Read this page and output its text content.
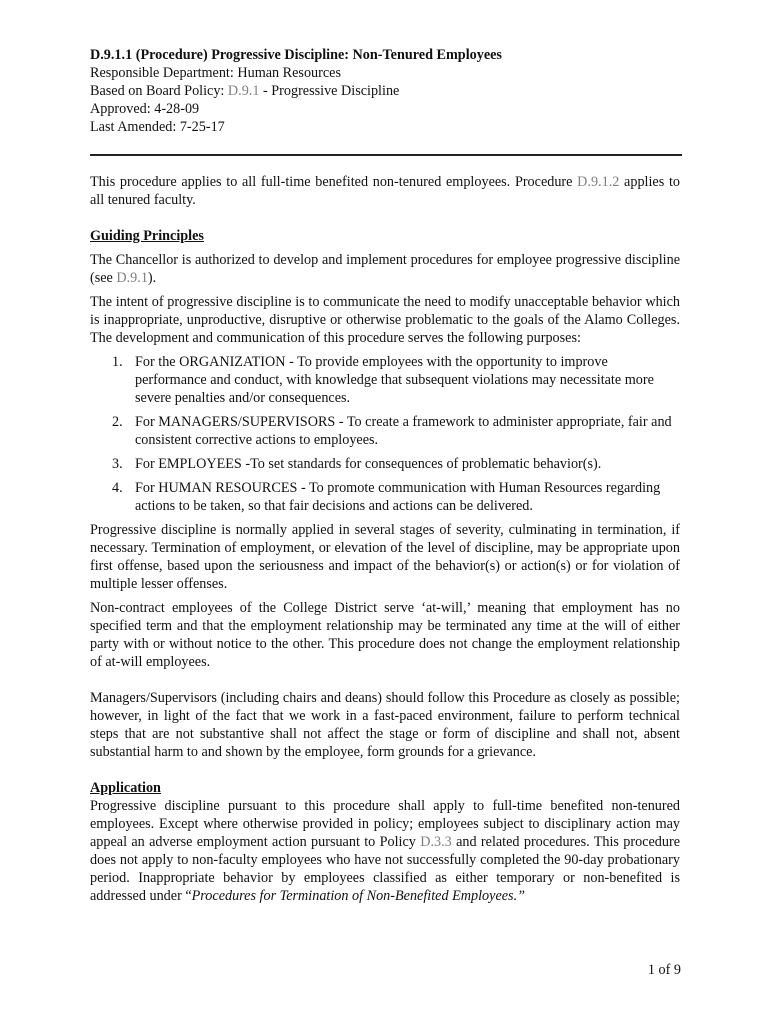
D.9.1.1 (Procedure) Progressive Discipline: Non-Tenured Employees
Responsible Department: Human Resources
Based on Board Policy: D.9.1 - Progressive Discipline
Approved: 4-28-09
Last Amended: 7-25-17

This procedure applies to all full-time benefited non-tenured employees. Procedure D.9.1.2 applies to all tenured faculty.

Guiding Principles

The Chancellor is authorized to develop and implement procedures for employee progressive discipline (see D.9.1).

The intent of progressive discipline is to communicate the need to modify unacceptable behavior which is inappropriate, unproductive, disruptive or otherwise problematic to the goals of the Alamo Colleges. The development and communication of this procedure serves the following purposes:

1. For the ORGANIZATION - To provide employees with the opportunity to improve performance and conduct, with knowledge that subsequent violations may necessitate more severe penalties and/or consequences.
2. For MANAGERS/SUPERVISORS - To create a framework to administer appropriate, fair and consistent corrective actions to employees.
3. For EMPLOYEES -To set standards for consequences of problematic behavior(s).
4. For HUMAN RESOURCES - To promote communication with Human Resources regarding actions to be taken, so that fair decisions and actions can be delivered.

Progressive discipline is normally applied in several stages of severity, culminating in termination, if necessary. Termination of employment, or elevation of the level of discipline, may be appropriate upon first offense, based upon the seriousness and impact of the behavior(s) or action(s) or for violation of multiple lesser offenses.

Non-contract employees of the College District serve ‘at-will,’ meaning that employment has no specified term and that the employment relationship may be terminated any time at the will of either party with or without notice to the other. This procedure does not change the employment relationship of at-will employees.

Managers/Supervisors (including chairs and deans) should follow this Procedure as closely as possible; however, in light of the fact that we work in a fast-paced environment, failure to perform technical steps that are not substantive shall not affect the stage or form of discipline and shall not, absent substantial harm to and shown by the employee, form grounds for a grievance.

Application

Progressive discipline pursuant to this procedure shall apply to full-time benefited non-tenured employees. Except where otherwise provided in policy; employees subject to disciplinary action may appeal an adverse employment action pursuant to Policy D.3.3 and related procedures. This procedure does not apply to non-faculty employees who have not successfully completed the 90-day probationary period. Inappropriate behavior by employees classified as either temporary or non-benefited is addressed under “Procedures for Termination of Non-Benefited Employees.”

1 of 9
